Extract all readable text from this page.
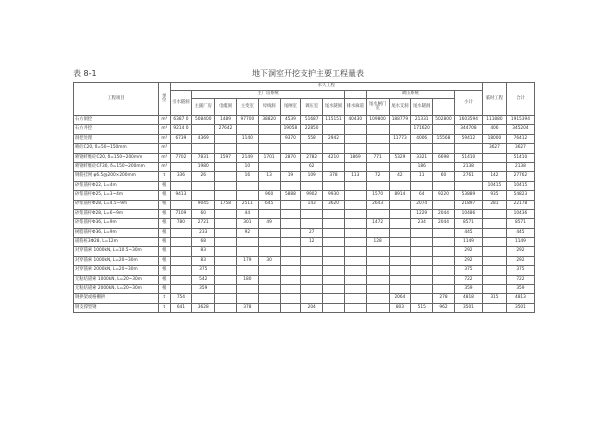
表 8-1	地下洞室开挖支护主要工程量表
工程项目	单位	永久工程														临时工程	合计
		引水隧洞	主厂房系统								调压系统				小计		
			主副厂房	电缆洞	主变室	母线洞	尾闸室	调压室	尾水隧洞	排水廊道	尾水闸门室	尾水支洞	尾水隧洞				
石方洞挖	m³	6387 0	508400	1489	97700	38820	4539	51687	115151	40430	109800	188779	21331	502800	1603594	111880	1915394
石方井挖	m³	9214 0		27642			19058	22850					171620		344708	406	345204
洞挖处理	m³	6739	4369		1140		9370	558	2942			11773	4006	15568	59412	18000	76412
喷砼C20, δ=50~150mm	m³															3627	3627
喷钢纤维砼C20, δ=150~200mm	m³	7702	7831	1597	2149	1701	2870	2782	4210	1869	771	5329	3321	6698	51410		51410
喷钢纤维砼CF30, δ=150~200mm	m³		1980		10			62					186		2138		2138
钢筋挂网 φ6.5@200×200mm	t	336	26		16	13	19	109	378	113	72	42	11	60	2761	142	27762
砂浆锚杆Φ22, L=4m	根															10415	10415
砂浆锚杆Φ25, L=3~4m	根	9413				960	5888	9902	9930		1570	8914	64	9220	53889	935	54823
砂浆锚杆Φ28, L=4.5~9m	根		9045	1758	2511	645		143	3620		2643		2074		21897	281	22178
砂浆锚杆Φ28, L=6~9m	根	7109	60		44								1229	2044	10486		10436
砂浆锚杆Φ36, L=9m	根	780	2721		301	49					1472		234	2044	8571		8571
树脂锚杆Φ36, L=9m	根		233		92			27							445		445
锚筋桩3Φ28, L=12m	根		68					12			128				1149		1149
对穿锚索 1000kN, L=10.5~30m	根		83												292		292
对穿锚索 1000kN, L=20~30m	根		83		179	30									292		292
对穿锚索 2000kN, L=20~30m	根		375												375		375
无粘结锚索 1000kN, L=20~30m	根		542		180										722		722
无粘结锚索 2000kN, L=20~30m	根		359												359		359
钢拱架或格栅拱	t	754										2064		278	4818	315	4813
钢支撑型钢	t	641	3628		378			204				803	515	962	3501		3501
